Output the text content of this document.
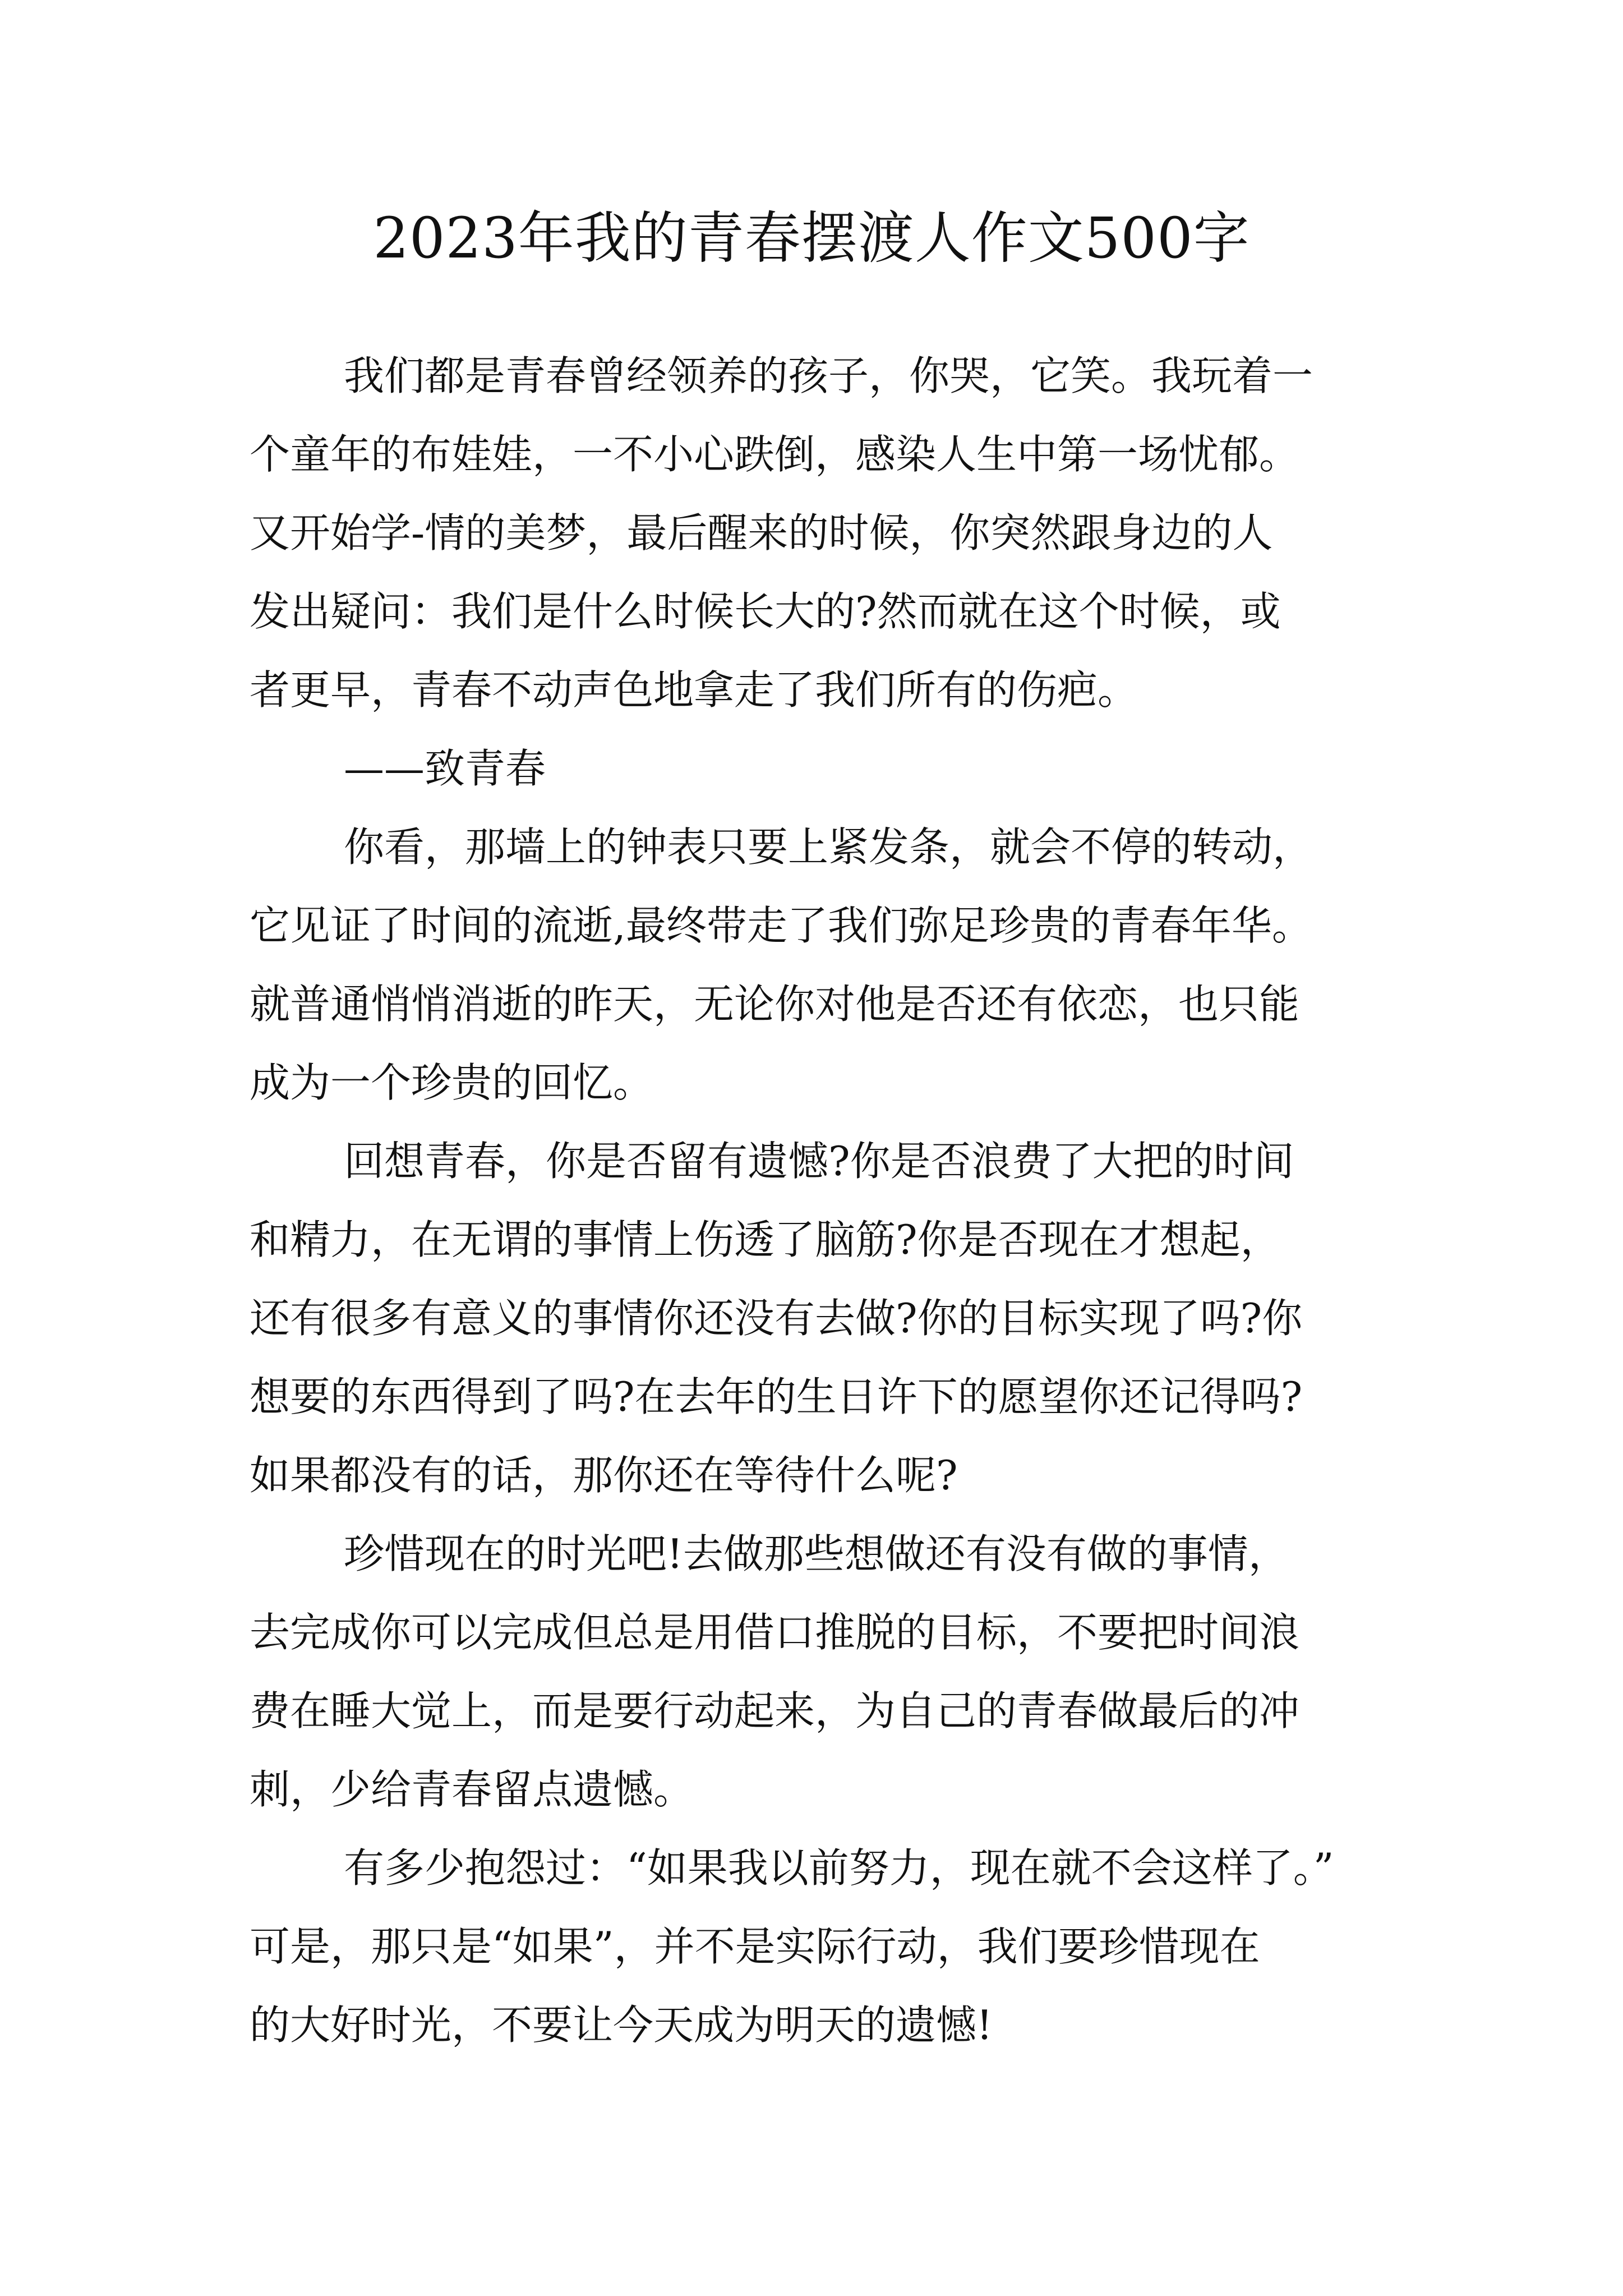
2023年我的青春摆渡人作文500字
我们都是青春曾经领养的孩子，你哭，它笑。我玩着一
个童年的布娃娃，一不小心跌倒，感染人生中第一场忧郁。
又开始学-情的美梦，最后醒来的时候，你突然跟身边的人
发出疑问：我们是什么时候长大的?然而就在这个时候，或
者更早，青春不动声色地拿走了我们所有的伤疤。
——致青春
你看，那墙上的钟表只要上紧发条，就会不停的转动，
它见证了时间的流逝,最终带走了我们弥足珍贵的青春年华。
就普通悄悄消逝的昨天，无论你对他是否还有依恋，也只能
成为一个珍贵的回忆。
回想青春，你是否留有遗憾?你是否浪费了大把的时间
和精力，在无谓的事情上伤透了脑筋?你是否现在才想起，
还有很多有意义的事情你还没有去做?你的目标实现了吗?你
想要的东西得到了吗?在去年的生日许下的愿望你还记得吗?
如果都没有的话，那你还在等待什么呢?
珍惜现在的时光吧!去做那些想做还有没有做的事情，
去完成你可以完成但总是用借口推脱的目标，不要把时间浪
费在睡大觉上，而是要行动起来，为自己的青春做最后的冲
刺，少给青春留点遗憾。
有多少抱怨过：“如果我以前努力，现在就不会这样了。”
可是，那只是“如果”，并不是实际行动，我们要珍惜现在
的大好时光，不要让今天成为明天的遗憾!
